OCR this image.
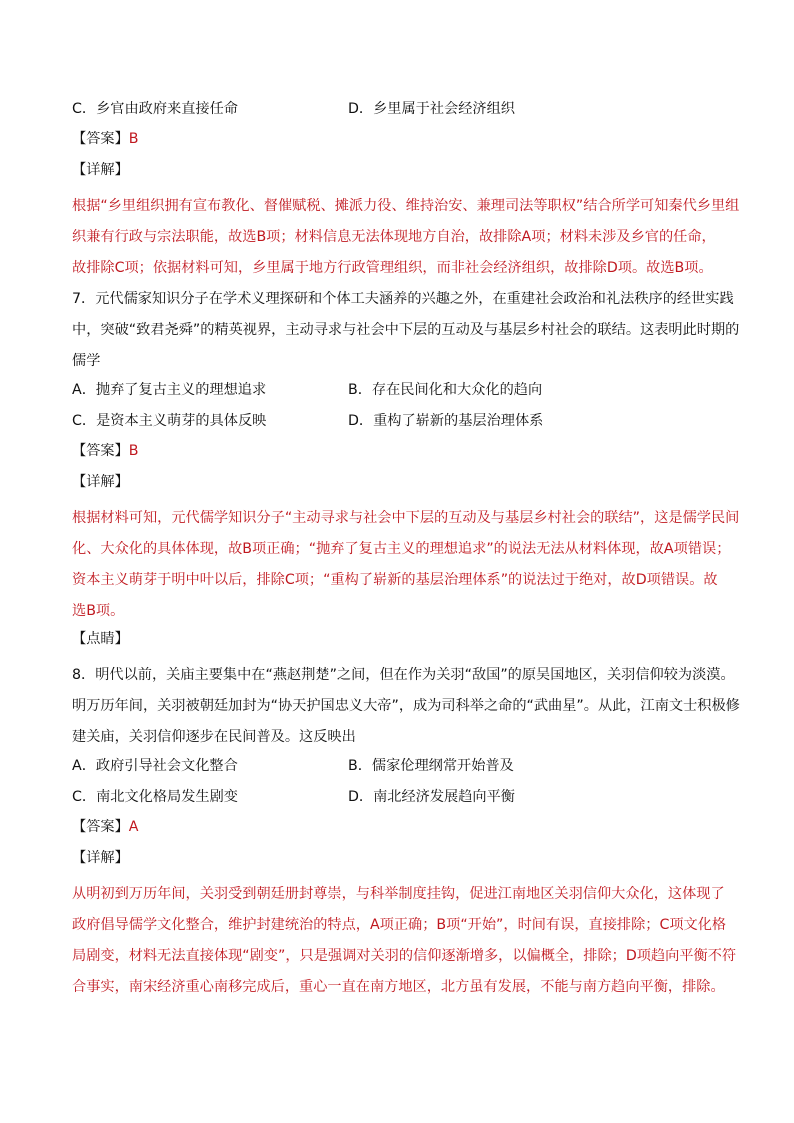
C．乡官由政府来直接任命	D．乡里属于社会经济组织
【答案】B
【详解】
根据“乡里组织拥有宣布教化、督催赋税、摊派力役、维持治安、兼理司法等职权”结合所学可知秦代乡里组
织兼有行政与宗法职能，故选B项；材料信息无法体现地方自治，故排除A项；材料未涉及乡官的任命，
故排除C项；依据材料可知，乡里属于地方行政管理组织，而非社会经济组织，故排除D项。故选B项。
7．元代儒家知识分子在学术义理探研和个体工夫涵养的兴趣之外，在重建社会政治和礼法秩序的经世实践
中，突破“致君尧舜”的精英视界，主动寻求与社会中下层的互动及与基层乡村社会的联结。这表明此时期的
儒学
A．抛弃了复古主义的理想追求	B．存在民间化和大众化的趋向
C．是资本主义萌芽的具体反映	D．重构了崭新的基层治理体系
【答案】B
【详解】
根据材料可知，元代儒学知识分子“主动寻求与社会中下层的互动及与基层乡村社会的联结”，这是儒学民间
化、大众化的具体体现，故B项正确；“抛弃了复古主义的理想追求”的说法无法从材料体现，故A项错误；
资本主义萌芽于明中叶以后，排除C项；“重构了崭新的基层治理体系”的说法过于绝对，故D项错误。故
选B项。
【点睛】
8．明代以前，关庙主要集中在“燕赵荆楚”之间，但在作为关羽“敌国”的原吴国地区，关羽信仰较为淡漠。
明万历年间，关羽被朝廷加封为“协天护国忠义大帝”，成为司科举之命的“武曲星”。从此，江南文士积极修
建关庙，关羽信仰逐步在民间普及。这反映出
A．政府引导社会文化整合	B．儒家伦理纲常开始普及
C．南北文化格局发生剧变	D．南北经济发展趋向平衡
【答案】A
【详解】
从明初到万历年间，关羽受到朝廷册封尊崇，与科举制度挂钩，促进江南地区关羽信仰大众化，这体现了
政府倡导儒学文化整合，维护封建统治的特点，A项正确；B项“开始”，时间有误，直接排除；C项文化格
局剧变，材料无法直接体现“剧变”，只是强调对关羽的信仰逐渐增多，以偏概全，排除；D项趋向平衡不符
合事实，南宋经济重心南移完成后，重心一直在南方地区，北方虽有发展，不能与南方趋向平衡，排除。
